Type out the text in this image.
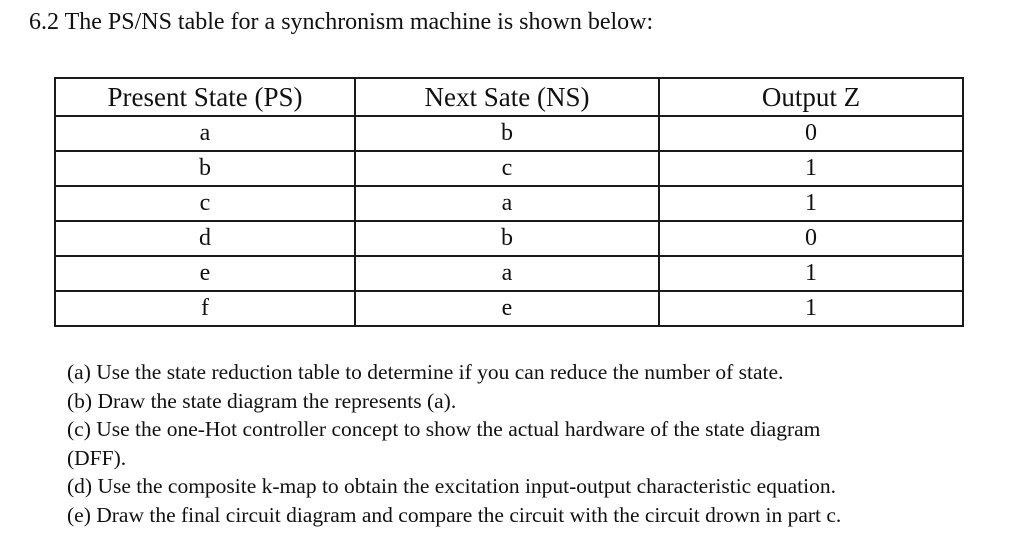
6.2 The PS/NS table for a synchronism machine is shown below:
Present State (PS)	Next Sate (NS)	Output Z
a	b	0
b	c	1
c	a	1
d	b	0
e	a	1
f	e	1
(a) Use the state reduction table to determine if you can reduce the number of state.
(b) Draw the state diagram the represents (a).
(c) Use the one-Hot controller concept to show the actual hardware of the state diagram
(DFF).
(d) Use the composite k-map to obtain the excitation input-output characteristic equation.
(e) Draw the final circuit diagram and compare the circuit with the circuit drown in part c.
